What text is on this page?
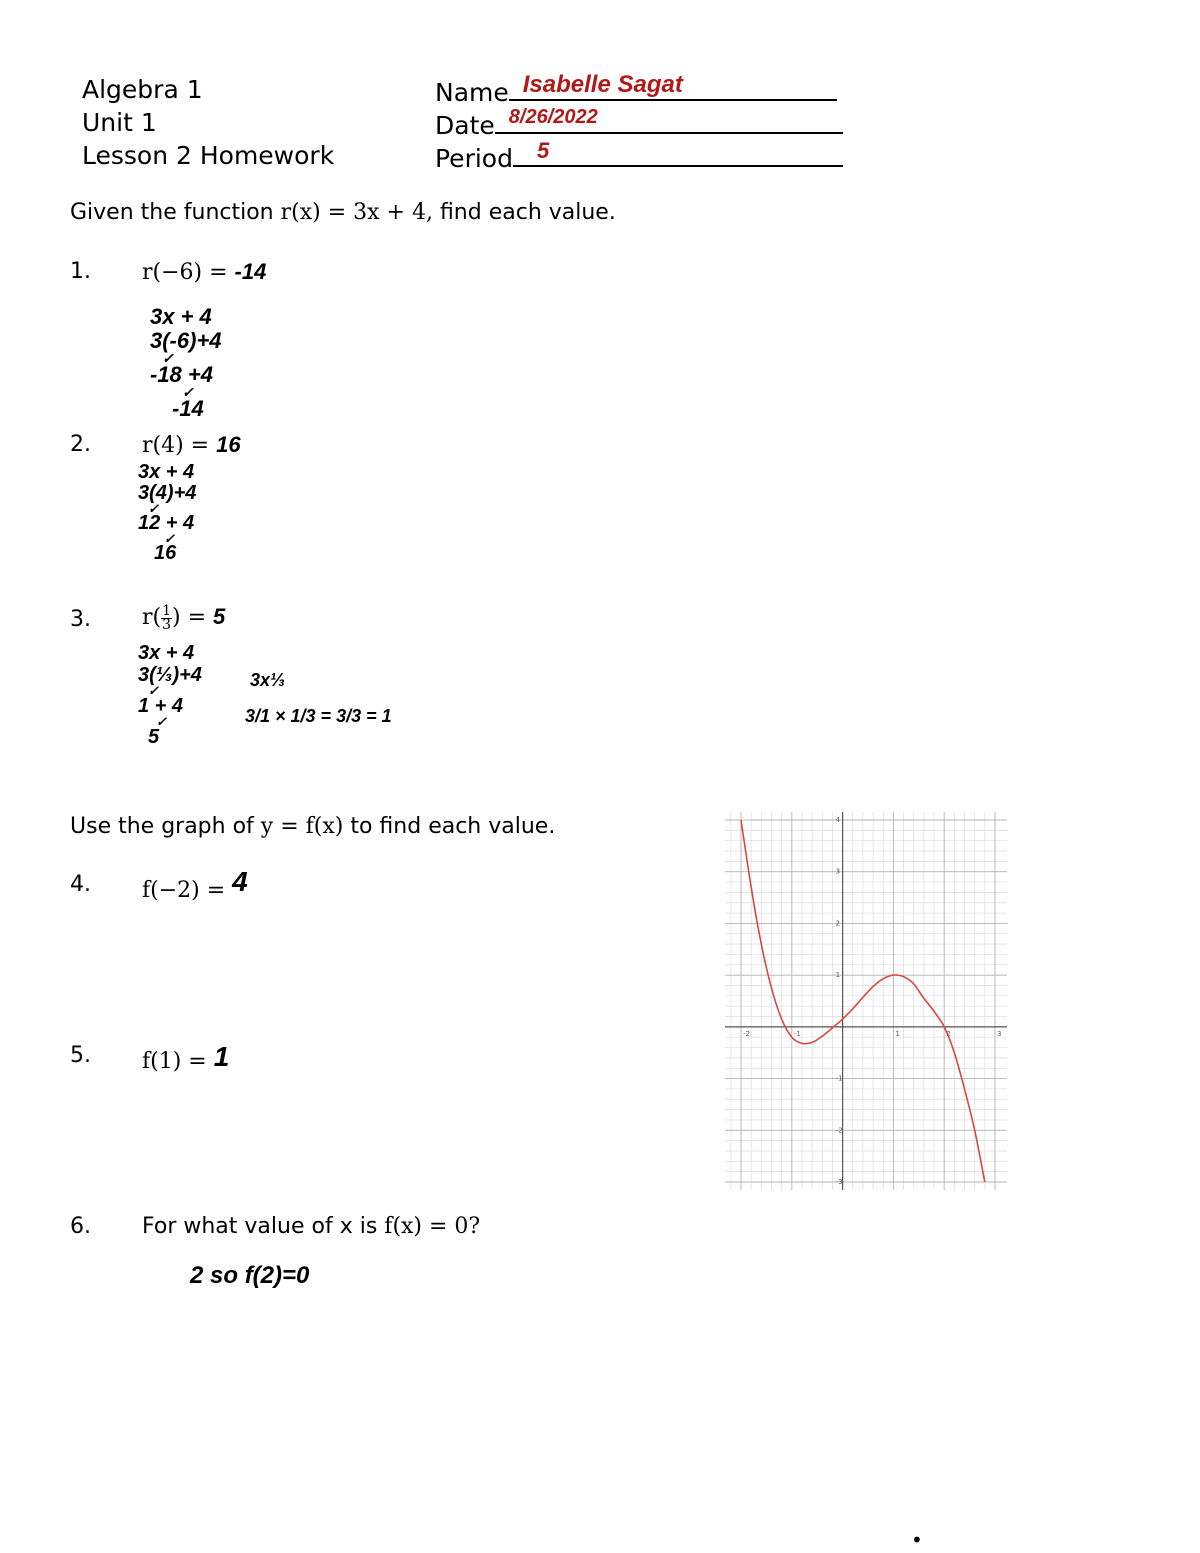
Algebra 1
Unit 1
Lesson 2 Homework
Name Isabelle Sagat
Date 8/26/2022
Period 5
Given the function r(x) = 3x + 4, find each value.
1. r(−6) = -14
3x + 4
3(-6)+4
✓
-18 +4
✓
-14
2. r(4) = 16
3x + 4
3(4)+4
✓
12 + 4
✓
16
3. $r( \frac{1}{3}$ ) = 5
3x + 4
3(⅓)+4
✓
1 + 4
✓
5
3x⅓
3/1 × 1/3 = 3/3 = 1
Use the graph of y = f(x) to find each value.
4. f(−2) = 4
5. f(1) = 1
6. For what value of x is f(x) = 0?
2 so f(2)=0
-2	-1	1	2	3
-3
-2
-1
1
2
3
4
•
